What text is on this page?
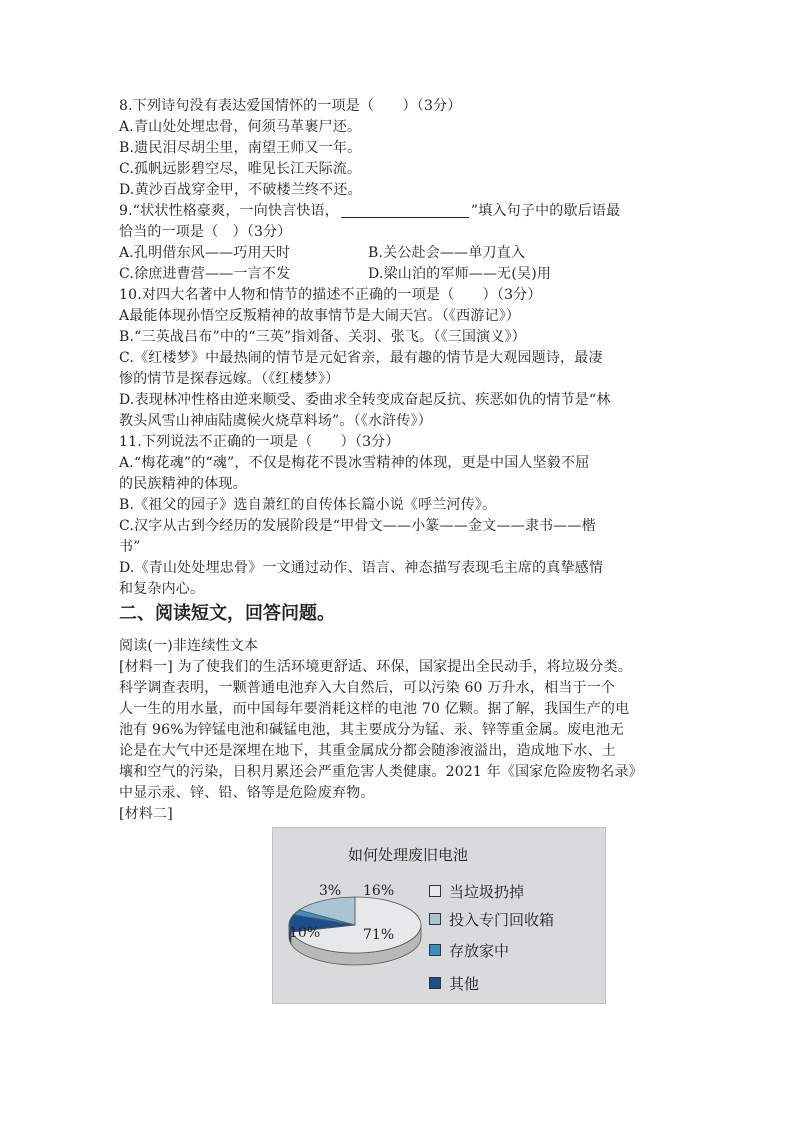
8.下列诗句没有表达爱国情怀的一项是（　　）（3分）
A.青山处处埋忠骨，何须马革裹尸还。
B.遗民泪尽胡尘里，南望王师又一年。
C.孤帆远影碧空尽，唯见长江天际流。
D.黄沙百战穿金甲，不破楼兰终不还。
9.“状状性格豪爽，一向快言快语，	”填入句子中的歇后语最
恰当的一项是（　）（3分）
A.孔明借东风——巧用天时	B.关公赴会——单刀直入
C.徐庶进曹营——一言不发	D.梁山泊的军师——无(吴)用
10.对四大名著中人物和情节的描述不正确的一项是（　　）（3分）
A最能体现孙悟空反叛精神的故事情节是大闹天宫。（《西游记》）
B.“三英战吕布”中的“三英”指刘备、关羽、张飞。（《三国演义》）
C.《红楼梦》中最热闹的情节是元妃省亲，最有趣的情节是大观园题诗，最凄
惨的情节是探春远嫁。（《红楼梦》）
D.表现林冲性格由逆来顺受、委曲求全转变成奋起反抗、疾恶如仇的情节是“林
教头风雪山神庙陆虞候火烧草料场”。（《水浒传》）
11.下列说法不正确的一项是（　　）（3分）
A.“梅花魂”的“魂”，不仅是梅花不畏冰雪精神的体现，更是中国人坚毅不屈
的民族精神的体现。
B.《祖父的园子》选自萧红的自传体长篇小说《呼兰河传》。
C.汉字从古到今经历的发展阶段是“甲骨文——小篆——金文——隶书——楷
书”
D.《青山处处埋忠骨》一文通过动作、语言、神态描写表现毛主席的真挚感情
和复杂内心。
二、阅读短文，回答问题。
阅读(一)非连续性文本
[材料一] 为了使我们的生活环境更舒适、环保，国家提出全民动手，将垃圾分类。
科学调查表明，一颗普通电池弃入大自然后，可以污染 60 万升水，相当于一个
人一生的用水量，而中国每年要消耗这样的电池 70 亿颗。据了解，我国生产的电
池有 96%为锌锰电池和碱锰电池，其主要成分为锰、汞、锌等重金属。废电池无
论是在大气中还是深埋在地下，其重金属成分都会随渗液溢出，造成地下水、土
壤和空气的污染，日积月累还会严重危害人类健康。2021 年《国家危险废物名录》
中显示汞、锌、铅、铬等是危险废弃物。
[材料二]
如何处理废旧电池
71%
16%
3%
10%
当垃圾扔掉
投入专门回收箱
存放家中
其他
